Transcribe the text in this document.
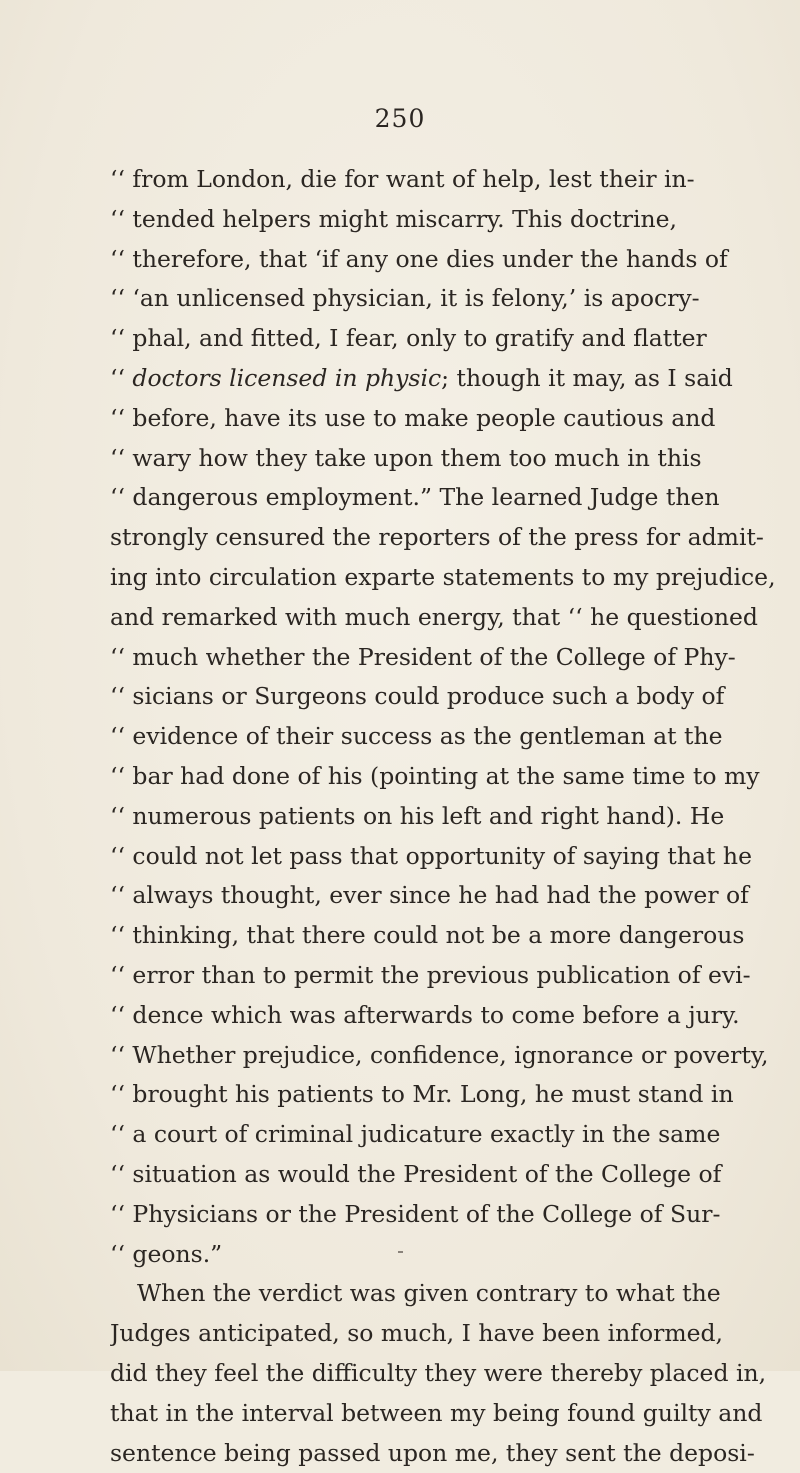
250
‘‘ from London, die for want of help, lest their in-
‘‘ tended helpers might miscarry. This doctrine,
‘‘ therefore, that ‘if any one dies under the hands of
‘‘ ‘an unlicensed physician, it is felony,’ is apocry-
‘‘ phal, and fitted, I fear, only to gratify and flatter
‘‘ doctors licensed in physic; though it may, as I said
‘‘ before, have its use to make people cautious and
‘‘ wary how they take upon them too much in this
‘‘ dangerous employment.” The learned Judge then
strongly censured the reporters of the press for admit-
ing into circulation exparte statements to my prejudice,
and remarked with much energy, that ‘‘ he questioned
‘‘ much whether the President of the College of Phy-
‘‘ sicians or Surgeons could produce such a body of
‘‘ evidence of their success as the gentleman at the
‘‘ bar had done of his (pointing at the same time to my
‘‘ numerous patients on his left and right hand). He
‘‘ could not let pass that opportunity of saying that he
‘‘ always thought, ever since he had had the power of
‘‘ thinking, that there could not be a more dangerous
‘‘ error than to permit the previous publication of evi-
‘‘ dence which was afterwards to come before a jury.
‘‘ Whether prejudice, confidence, ignorance or poverty,
‘‘ brought his patients to Mr. Long, he must stand in
‘‘ a court of criminal judicature exactly in the same
‘‘ situation as would the President of the College of
‘‘ Physicians or the President of the College of Sur-
‘‘ geons.”
When the verdict was given contrary to what the
Judges anticipated, so much, I have been informed,
did they feel the difficulty they were thereby placed in,
that in the interval between my being found guilty and
sentence being passed upon me, they sent the deposi-
